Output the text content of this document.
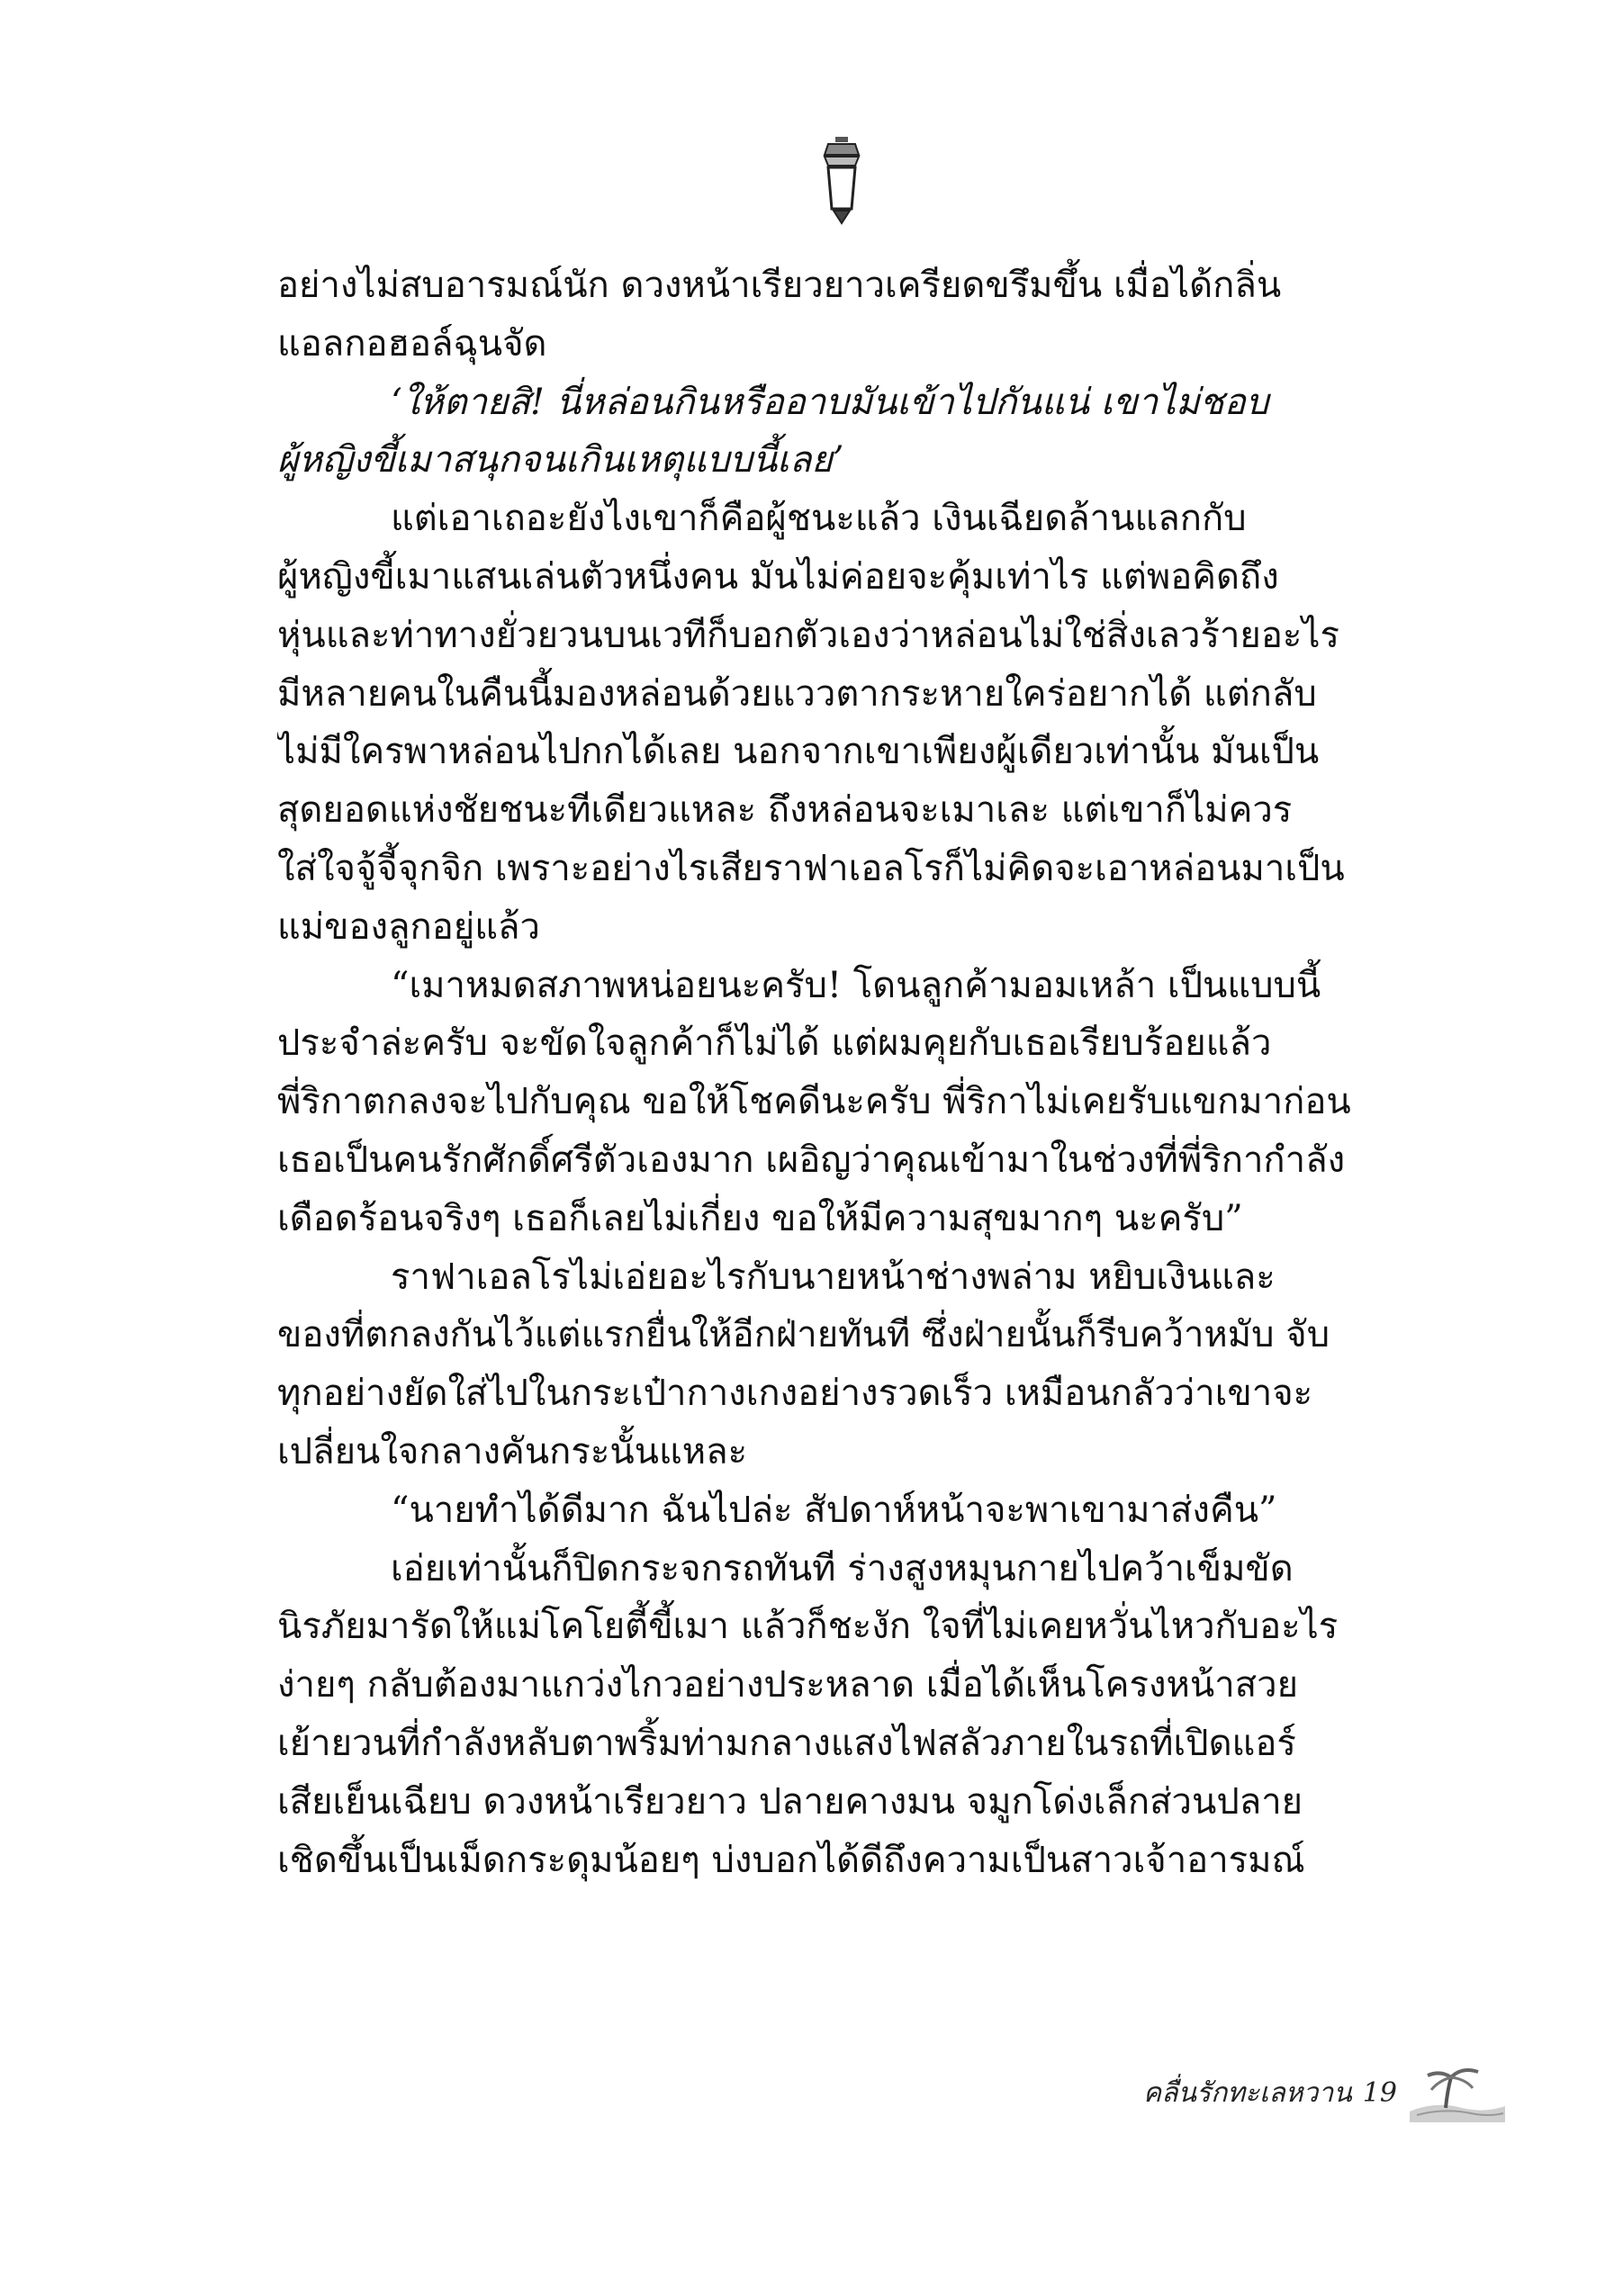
อย่างไม่สบอารมณ์นัก ดวงหน้าเรียวยาวเครียดขรึมขึ้น เมื่อได้กลิ่น
แอลกอฮอล์ฉุนจัด
‘ให้ตายสิ! นี่หล่อนกินหรืออาบมันเข้าไปกันแน่ เขาไม่ชอบ
ผู้หญิงขี้เมาสนุกจนเกินเหตุแบบนี้เลย’
แต่เอาเถอะยังไงเขาก็คือผู้ชนะแล้ว เงินเฉียดล้านแลกกับ
ผู้หญิงขี้เมาแสนเล่นตัวหนึ่งคน มันไม่ค่อยจะคุ้มเท่าไร แต่พอคิดถึง
หุ่นและท่าทางยั่วยวนบนเวทีก็บอกตัวเองว่าหล่อนไม่ใช่สิ่งเลวร้ายอะไร
มีหลายคนในคืนนี้มองหล่อนด้วยแววตากระหายใคร่อยากได้ แต่กลับ
ไม่มีใครพาหล่อนไปกกได้เลย นอกจากเขาเพียงผู้เดียวเท่านั้น มันเป็น
สุดยอดแห่งชัยชนะทีเดียวแหละ ถึงหล่อนจะเมาเละ แต่เขาก็ไม่ควร
ใส่ใจจู้จี้จุกจิก เพราะอย่างไรเสียราฟาเอลโรก็ไม่คิดจะเอาหล่อนมาเป็น
แม่ของลูกอยู่แล้ว
“เมาหมดสภาพหน่อยนะครับ! โดนลูกค้ามอมเหล้า เป็นแบบนี้
ประจำล่ะครับ จะขัดใจลูกค้าก็ไม่ได้ แต่ผมคุยกับเธอเรียบร้อยแล้ว
พี่ริกาตกลงจะไปกับคุณ ขอให้โชคดีนะครับ พี่ริกาไม่เคยรับแขกมาก่อน
เธอเป็นคนรักศักดิ์ศรีตัวเองมาก เผอิญว่าคุณเข้ามาในช่วงที่พี่ริกากำลัง
เดือดร้อนจริงๆ เธอก็เลยไม่เกี่ยง ขอให้มีความสุขมากๆ นะครับ”
ราฟาเอลโรไม่เอ่ยอะไรกับนายหน้าช่างพล่าม หยิบเงินและ
ของที่ตกลงกันไว้แต่แรกยื่นให้อีกฝ่ายทันที ซึ่งฝ่ายนั้นก็รีบคว้าหมับ จับ
ทุกอย่างยัดใส่ไปในกระเป๋ากางเกงอย่างรวดเร็ว เหมือนกลัวว่าเขาจะ
เปลี่ยนใจกลางคันกระนั้นแหละ
“นายทำได้ดีมาก ฉันไปล่ะ สัปดาห์หน้าจะพาเขามาส่งคืน”
เอ่ยเท่านั้นก็ปิดกระจกรถทันที ร่างสูงหมุนกายไปคว้าเข็มขัด
นิรภัยมารัดให้แม่โคโยตี้ขี้เมา แล้วก็ชะงัก ใจที่ไม่เคยหวั่นไหวกับอะไร
ง่ายๆ กลับต้องมาแกว่งไกวอย่างประหลาด เมื่อได้เห็นโครงหน้าสวย
เย้ายวนที่กำลังหลับตาพริ้มท่ามกลางแสงไฟสลัวภายในรถที่เปิดแอร์
เสียเย็นเฉียบ ดวงหน้าเรียวยาว ปลายคางมน จมูกโด่งเล็กส่วนปลาย
เชิดขึ้นเป็นเม็ดกระดุมน้อยๆ บ่งบอกได้ดีถึงความเป็นสาวเจ้าอารมณ์
คลื่นรักทะเลหวาน 19
